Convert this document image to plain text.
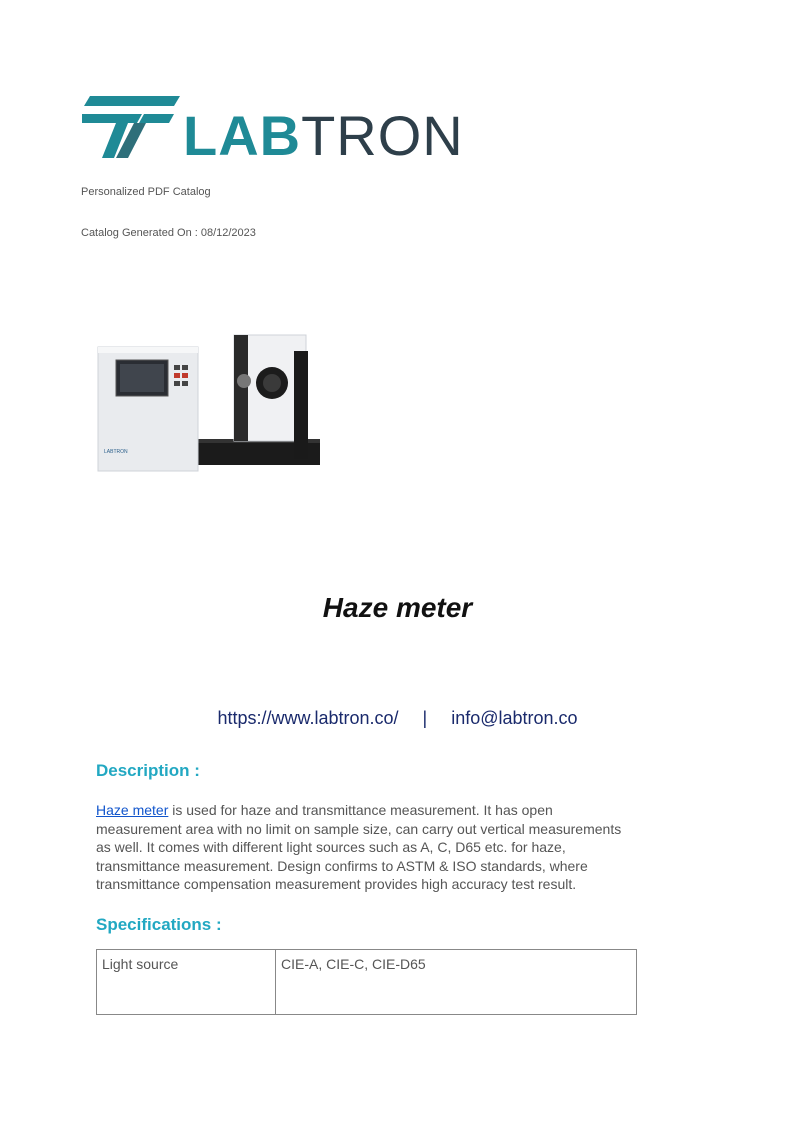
LABTRON
Personalized PDF Catalog
Catalog Generated On : 08/12/2023
LABTRON
Haze meter
https://www.labtron.co/ | info@labtron.co
Description :
Haze meter is used for haze and transmittance measurement. It has open measurement area with no limit on sample size, can carry out vertical measurements as well. It comes with different light sources such as A, C, D65 etc. for haze, transmittance measurement. Design confirms to ASTM & ISO standards, where transmittance compensation measurement provides high accuracy test result.
Specifications :
Light source	CIE-A, CIE-C, CIE-D65
